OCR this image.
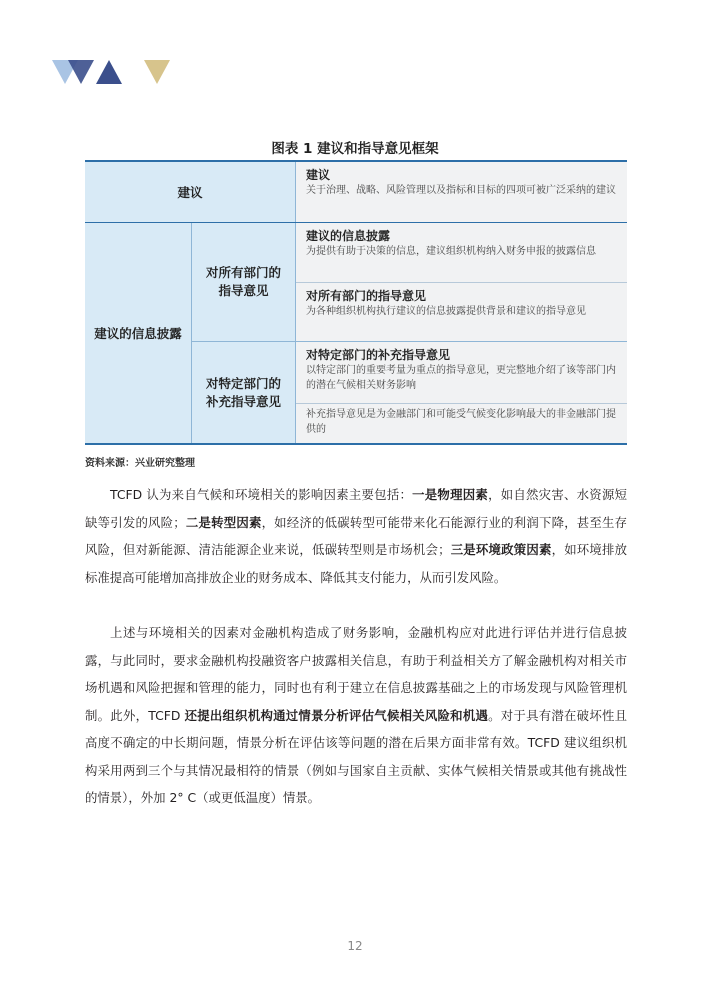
图表 1 建议和指导意见框架
建议
建议
关于治理、战略、风险管理以及指标和目标的四项可被广泛采纳的建议
建议的信息披露
对所有部门的
指导意见
建议的信息披露
为提供有助于决策的信息，建议组织机构纳入财务申报的披露信息
对所有部门的指导意见
为各种组织机构执行建议的信息披露提供背景和建议的指导意见
对特定部门的
补充指导意见
对特定部门的补充指导意见
以特定部门的重要考量为重点的指导意见，更完整地介绍了该等部门内的潜在气候相关财务影响
补充指导意见是为金融部门和可能受气候变化影响最大的非金融部门提供的
资料来源：兴业研究整理

TCFD 认为来自气候和环境相关的影响因素主要包括：一是物理因素，如自然灾害、水资源短缺等引发的风险；二是转型因素，如经济的低碳转型可能带来化石能源行业的利润下降，甚至生存风险，但对新能源、清洁能源企业来说，低碳转型则是市场机会；三是环境政策因素，如环境排放标准提高可能增加高排放企业的财务成本、降低其支付能力，从而引发风险。

上述与环境相关的因素对金融机构造成了财务影响，金融机构应对此进行评估并进行信息披露，与此同时，要求金融机构投融资客户披露相关信息，有助于利益相关方了解金融机构对相关市场机遇和风险把握和管理的能力，同时也有利于建立在信息披露基础之上的市场发现与风险管理机制。此外，TCFD 还提出组织机构通过情景分析评估气候相关风险和机遇。对于具有潜在破坏性且高度不确定的中长期问题，情景分析在评估该等问题的潜在后果方面非常有效。TCFD 建议组织机构采用两到三个与其情况最相符的情景（例如与国家自主贡献、实体气候相关情景或其他有挑战性的情景），外加 2° C（或更低温度）情景。

12
